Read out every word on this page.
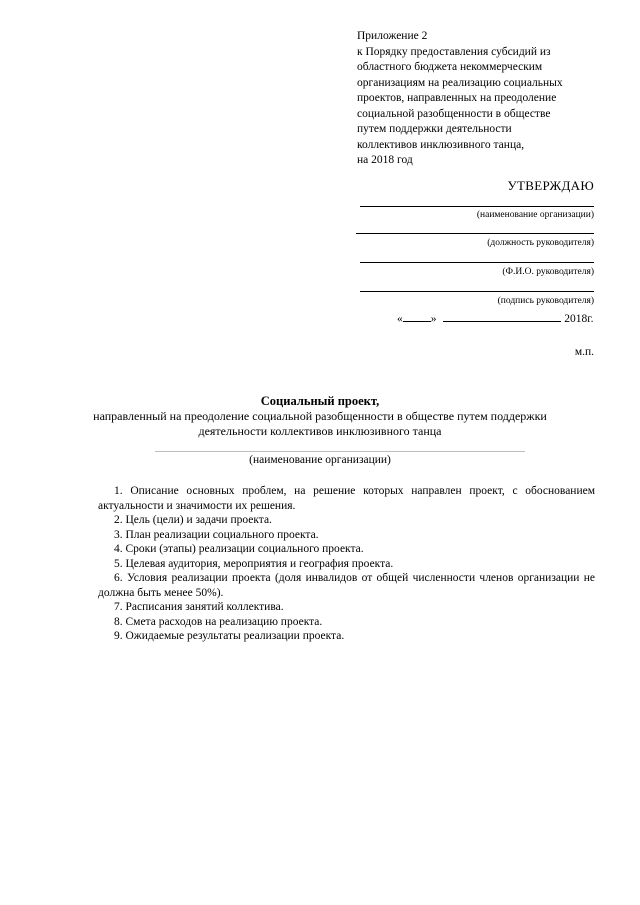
Приложение 2
к Порядку предоставления субсидий из
областного бюджета некоммерческим
организациям на реализацию социальных
проектов, направленных на преодоление
социальной разобщенности в обществе
путем поддержки деятельности
коллективов инклюзивного танца,
на 2018 год
УТВЕРЖДАЮ
(наименование организации)
(должность руководителя)
(Ф.И.О. руководителя)
(подпись руководителя)
« »	2018г.
м.п.
Социальный проект,
направленный на преодоление социальной разобщенности в обществе путем поддержки
деятельности коллективов инклюзивного танца
(наименование организации)
1. Описание основных проблем, на решение которых направлен проект, с обоснованием актуальности и значимости их решения.
2. Цель (цели) и задачи проекта.
3. План реализации социального проекта.
4. Сроки (этапы) реализации социального проекта.
5. Целевая аудитория, мероприятия и география проекта.
6. Условия реализации проекта (доля инвалидов от общей численности членов организации не должна быть менее 50%).
7. Расписания занятий коллектива.
8. Смета расходов на реализацию проекта.
9. Ожидаемые результаты реализации проекта.
